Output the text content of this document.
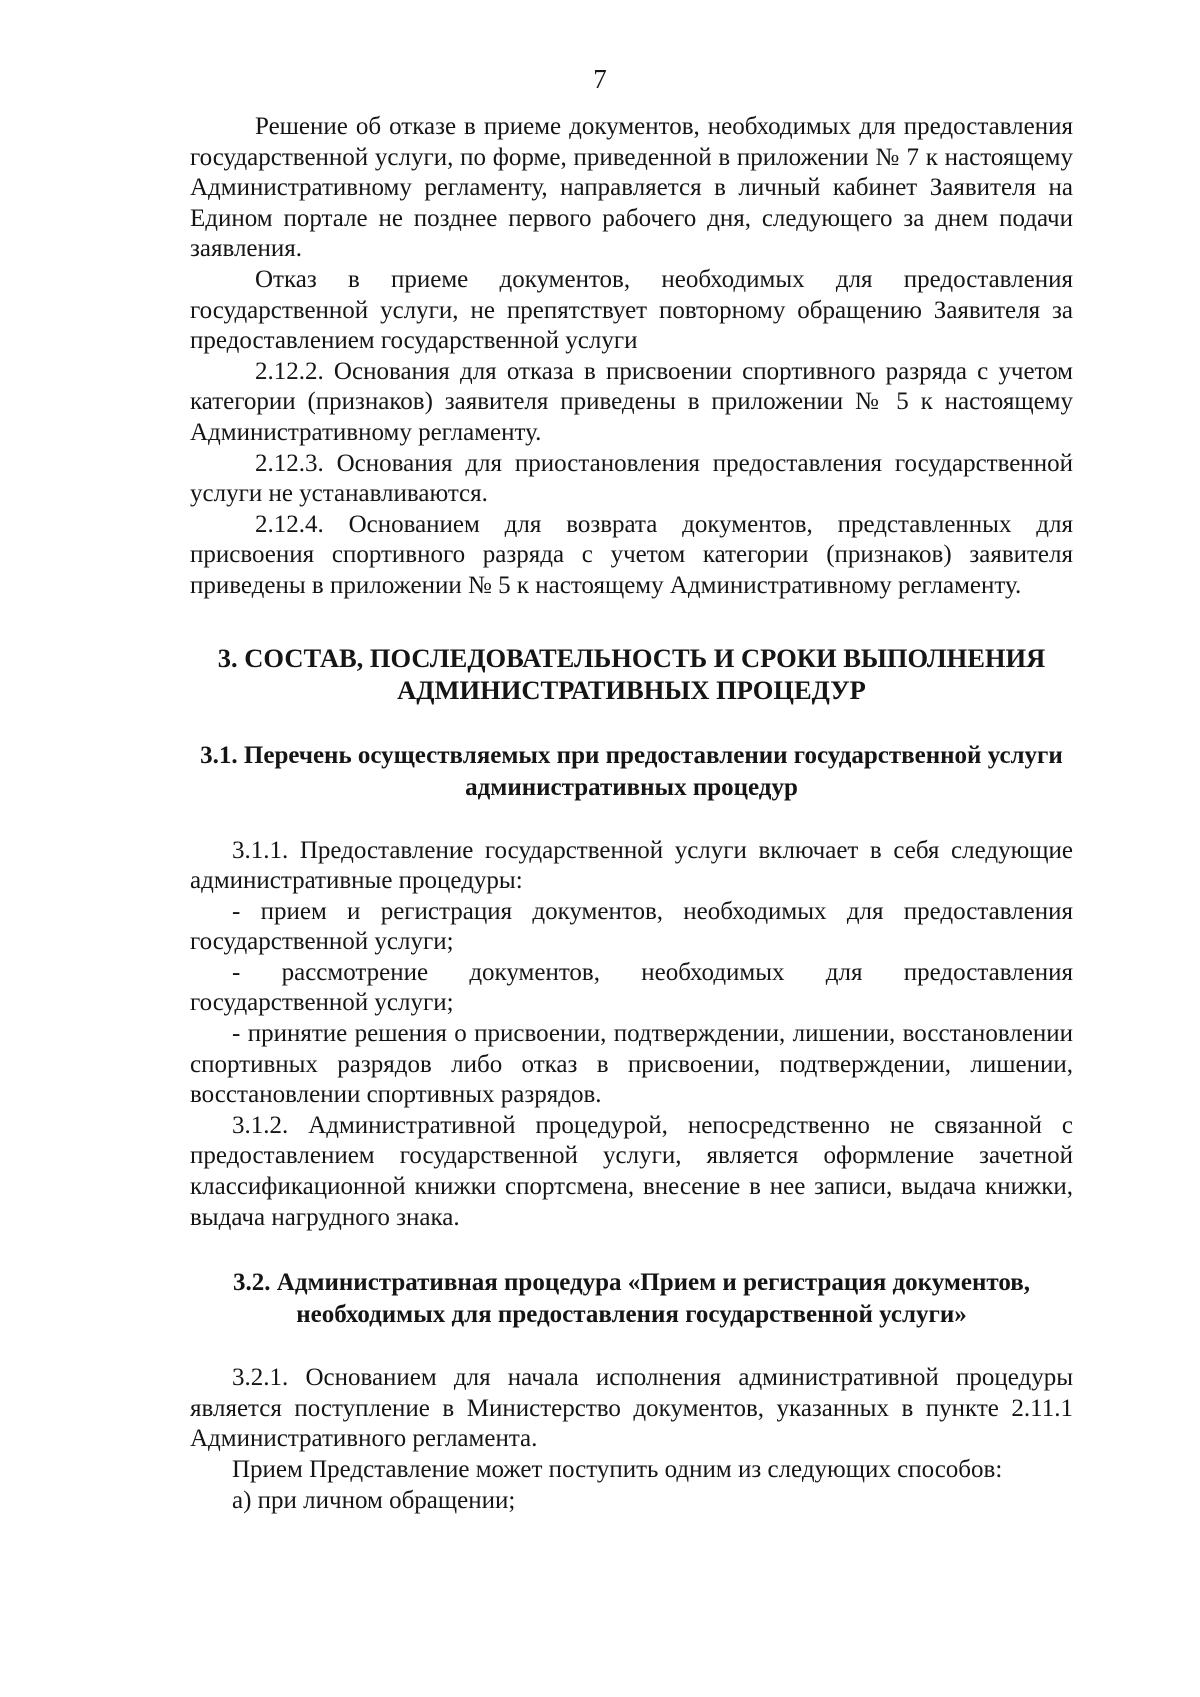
7

Решение об отказе в приеме документов, необходимых для предоставления государственной услуги, по форме, приведенной в приложении № 7 к настоящему Административному регламенту, направляется в личный кабинет Заявителя на Едином портале не позднее первого рабочего дня, следующего за днем подачи заявления.

Отказ в приеме документов, необходимых для предоставления государственной услуги, не препятствует повторному обращению Заявителя за предоставлением государственной услуги

2.12.2. Основания для отказа в присвоении спортивного разряда с учетом категории (признаков) заявителя приведены в приложении № 5 к настоящему Административному регламенту.

2.12.3. Основания для приостановления предоставления государственной услуги не устанавливаются.

2.12.4. Основанием для возврата документов, представленных для присвоения спортивного разряда с учетом категории (признаков) заявителя приведены в приложении № 5 к настоящему Административному регламенту.

3. СОСТАВ, ПОСЛЕДОВАТЕЛЬНОСТЬ И СРОКИ ВЫПОЛНЕНИЯ АДМИНИСТРАТИВНЫХ ПРОЦЕДУР
3.1. Перечень осуществляемых при предоставлении государственной услуги административных процедур

3.1.1. Предоставление государственной услуги включает в себя следующие административные процедуры:

- прием и регистрация документов, необходимых для предоставления государственной услуги;

- рассмотрение документов, необходимых для предоставления государственной услуги;

- принятие решения о присвоении, подтверждении, лишении, восстановлении спортивных разрядов либо отказ в присвоении, подтверждении, лишении, восстановлении спортивных разрядов.

3.1.2. Административной процедурой, непосредственно не связанной с предоставлением государственной услуги, является оформление зачетной классификационной книжки спортсмена, внесение в нее записи, выдача книжки, выдача нагрудного знака.

3.2. Административная процедура «Прием и регистрация документов, необходимых для предоставления государственной услуги»

3.2.1. Основанием для начала исполнения административной процедуры является поступление в Министерство документов, указанных в пункте 2.11.1 Административного регламента.

Прием Представление может поступить одним из следующих способов:

а) при личном обращении;
